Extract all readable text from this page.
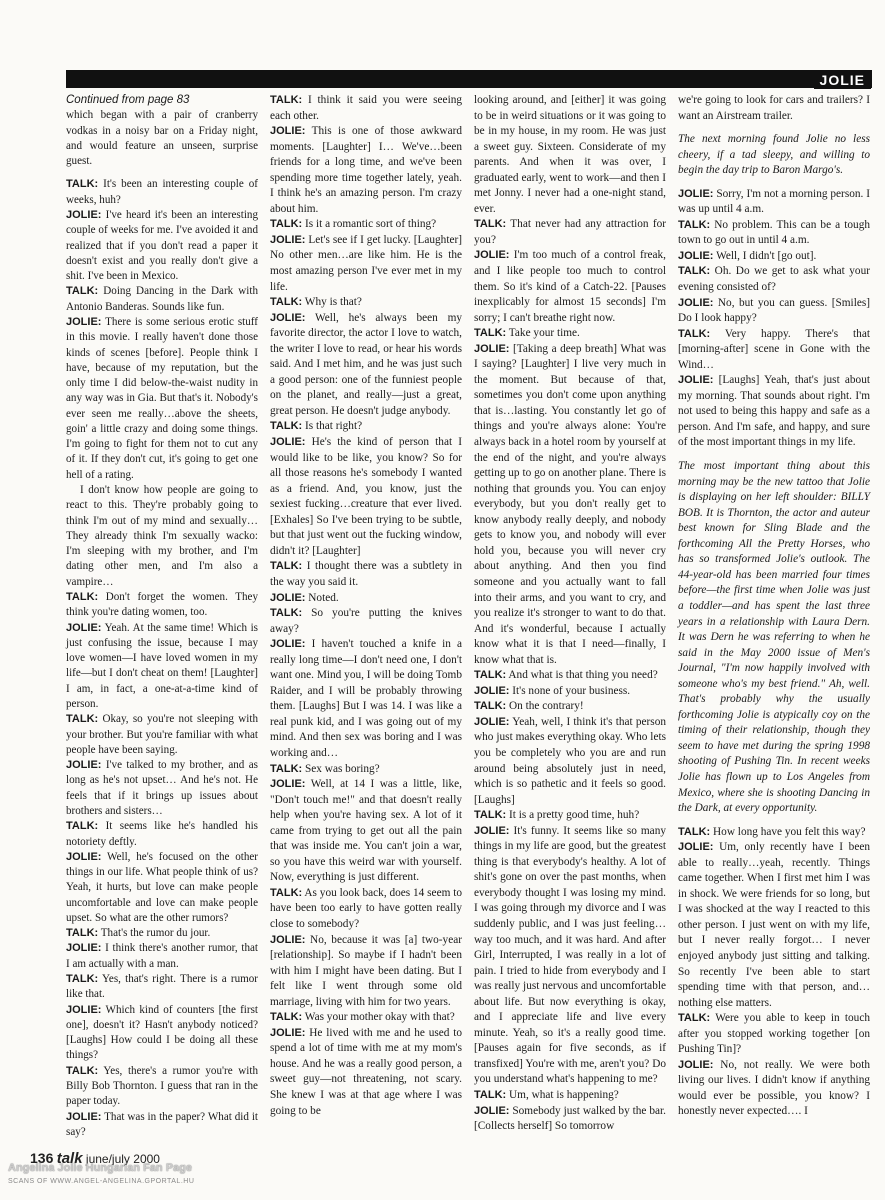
JOLIE

Continued from page 83

which began with a pair of cranberry vodkas in a noisy bar on a Friday night, and would feature an unseen, surprise guest.

TALK: It's been an interesting couple of weeks, huh?

JOLIE: I've heard it's been an interesting couple of weeks for me. I've avoided it and realized that if you don't read a paper it doesn't exist and you really don't give a shit. I've been in Mexico.

TALK: Doing Dancing in the Dark with Antonio Banderas. Sounds like fun.

JOLIE: There is some serious erotic stuff in this movie. I really haven't done those kinds of scenes [before]. People think I have, because of my reputation, but the only time I did below-the-waist nudity in any way was in Gia. But that's it. Nobody's ever seen me really…above the sheets, goin' a little crazy and doing some things. I'm going to fight for them not to cut any of it. If they don't cut, it's going to get one hell of a rating.

I don't know how people are going to react to this. They're probably going to think I'm out of my mind and sexually… They already think I'm sexually wacko: I'm sleeping with my brother, and I'm dating other men, and I'm also a vampire…

TALK: Don't forget the women. They think you're dating women, too.

JOLIE: Yeah. At the same time! Which is just confusing the issue, because I may love women—I have loved women in my life—but I don't cheat on them! [Laughter] I am, in fact, a one-at-a-time kind of person.

TALK: Okay, so you're not sleeping with your brother. But you're familiar with what people have been saying.

JOLIE: I've talked to my brother, and as long as he's not upset… And he's not. He feels that if it brings up issues about brothers and sisters…

TALK: It seems like he's handled his notoriety deftly.

JOLIE: Well, he's focused on the other things in our life. What people think of us? Yeah, it hurts, but love can make people uncomfortable and love can make people upset. So what are the other rumors?

TALK: That's the rumor du jour.

JOLIE: I think there's another rumor, that I am actually with a man.

TALK: Yes, that's right. There is a rumor like that.

JOLIE: Which kind of counters [the first one], doesn't it? Hasn't anybody noticed? [Laughs] How could I be doing all these things?

TALK: Yes, there's a rumor you're with Billy Bob Thornton. I guess that ran in the paper today.

JOLIE: That was in the paper? What did it say?

TALK: I think it said you were seeing each other.

JOLIE: This is one of those awkward moments. [Laughter] I… We've…been friends for a long time, and we've been spending more time together lately, yeah. I think he's an amazing person. I'm crazy about him.

TALK: Is it a romantic sort of thing?

JOLIE: Let's see if I get lucky. [Laughter] No other men…are like him. He is the most amazing person I've ever met in my life.

TALK: Why is that?

JOLIE: Well, he's always been my favorite director, the actor I love to watch, the writer I love to read, or hear his words said. And I met him, and he was just such a good person: one of the funniest people on the planet, and really—just a great, great person. He doesn't judge anybody.

TALK: Is that right?

JOLIE: He's the kind of person that I would like to be like, you know? So for all those reasons he's somebody I wanted as a friend. And, you know, just the sexiest fucking…creature that ever lived. [Exhales] So I've been trying to be subtle, but that just went out the fucking window, didn't it? [Laughter]

TALK: I thought there was a subtlety in the way you said it.

JOLIE: Noted.

TALK: So you're putting the knives away?

JOLIE: I haven't touched a knife in a really long time—I don't need one, I don't want one. Mind you, I will be doing Tomb Raider, and I will be probably throwing them. [Laughs] But I was 14. I was like a real punk kid, and I was going out of my mind. And then sex was boring and I was working and…

TALK: Sex was boring?

JOLIE: Well, at 14 I was a little, like, "Don't touch me!" and that doesn't really help when you're having sex. A lot of it came from trying to get out all the pain that was inside me. You can't join a war, so you have this weird war with yourself. Now, everything is just different.

TALK: As you look back, does 14 seem to have been too early to have gotten really close to somebody?

JOLIE: No, because it was [a] two-year [relationship]. So maybe if I hadn't been with him I might have been dating. But I felt like I went through some old marriage, living with him for two years.

TALK: Was your mother okay with that?

JOLIE: He lived with me and he used to spend a lot of time with me at my mom's house. And he was a really good person, a sweet guy—not threatening, not scary. She knew I was at that age where I was going to be

looking around, and [either] it was going to be in weird situations or it was going to be in my house, in my room. He was just a sweet guy. Sixteen. Considerate of my parents. And when it was over, I graduated early, went to work—and then I met Jonny. I never had a one-night stand, ever.

TALK: That never had any attraction for you?

JOLIE: I'm too much of a control freak, and I like people too much to control them. So it's kind of a Catch-22. [Pauses inexplicably for almost 15 seconds] I'm sorry; I can't breathe right now.

TALK: Take your time.

JOLIE: [Taking a deep breath] What was I saying? [Laughter] I live very much in the moment. But because of that, sometimes you don't come upon anything that is…lasting. You constantly let go of things and you're always alone: You're always back in a hotel room by yourself at the end of the night, and you're always getting up to go on another plane. There is nothing that grounds you. You can enjoy everybody, but you don't really get to know anybody really deeply, and nobody gets to know you, and nobody will ever hold you, because you will never cry about anything. And then you find someone and you actually want to fall into their arms, and you want to cry, and you realize it's stronger to want to do that. And it's wonderful, because I actually know what it is that I need—finally, I know what that is.

TALK: And what is that thing you need?

JOLIE: It's none of your business.

TALK: On the contrary!

JOLIE: Yeah, well, I think it's that person who just makes everything okay. Who lets you be completely who you are and run around being absolutely just in need, which is so pathetic and it feels so good. [Laughs]

TALK: It is a pretty good time, huh?

JOLIE: It's funny. It seems like so many things in my life are good, but the greatest thing is that everybody's healthy. A lot of shit's gone on over the past months, when everybody thought I was losing my mind. I was going through my divorce and I was suddenly public, and I was just feeling…way too much, and it was hard. And after Girl, Interrupted, I was really in a lot of pain. I tried to hide from everybody and I was really just nervous and uncomfortable about life. But now everything is okay, and I appreciate life and live every minute. Yeah, so it's a really good time. [Pauses again for five seconds, as if transfixed] You're with me, aren't you? Do you understand what's happening to me?

TALK: Um, what is happening?

JOLIE: Somebody just walked by the bar. [Collects herself] So tomorrow

we're going to look for cars and trailers? I want an Airstream trailer.

The next morning found Jolie no less cheery, if a tad sleepy, and willing to begin the day trip to Baron Margo's.

JOLIE: Sorry, I'm not a morning person. I was up until 4 a.m.

TALK: No problem. This can be a tough town to go out in until 4 a.m.

JOLIE: Well, I didn't [go out].

TALK: Oh. Do we get to ask what your evening consisted of?

JOLIE: No, but you can guess. [Smiles] Do I look happy?

TALK: Very happy. There's that [morning-after] scene in Gone with the Wind…

JOLIE: [Laughs] Yeah, that's just about my morning. That sounds about right. I'm not used to being this happy and safe as a person. And I'm safe, and happy, and sure of the most important things in my life.

The most important thing about this morning may be the new tattoo that Jolie is displaying on her left shoulder: BILLY BOB. It is Thornton, the actor and auteur best known for Sling Blade and the forthcoming All the Pretty Horses, who has so transformed Jolie's outlook. The 44-year-old has been married four times before—the first time when Jolie was just a toddler—and has spent the last three years in a relationship with Laura Dern. It was Dern he was referring to when he said in the May 2000 issue of Men's Journal, "I'm now happily involved with someone who's my best friend." Ah, well. That's probably why the usually forthcoming Jolie is atypically coy on the timing of their relationship, though they seem to have met during the spring 1998 shooting of Pushing Tin. In recent weeks Jolie has flown up to Los Angeles from Mexico, where she is shooting Dancing in the Dark, at every opportunity.

TALK: How long have you felt this way?

JOLIE: Um, only recently have I been able to really…yeah, recently. Things came together. When I first met him I was in shock. We were friends for so long, but I was shocked at the way I reacted to this other person. I just went on with my life, but I never really forgot… I never enjoyed anybody just sitting and talking. So recently I've been able to start spending time with that person, and…nothing else matters.

TALK: Were you able to keep in touch after you stopped working together [on Pushing Tin]?

JOLIE: No, not really. We were both living our lives. I didn't know if anything would ever be possible, you know? I honestly never expected…. I

136 talk june/july 2000
Angelina Jolie Hungarian Fan Page
SCANS OF WWW.ANGEL-ANGELINA.GPORTAL.HU
